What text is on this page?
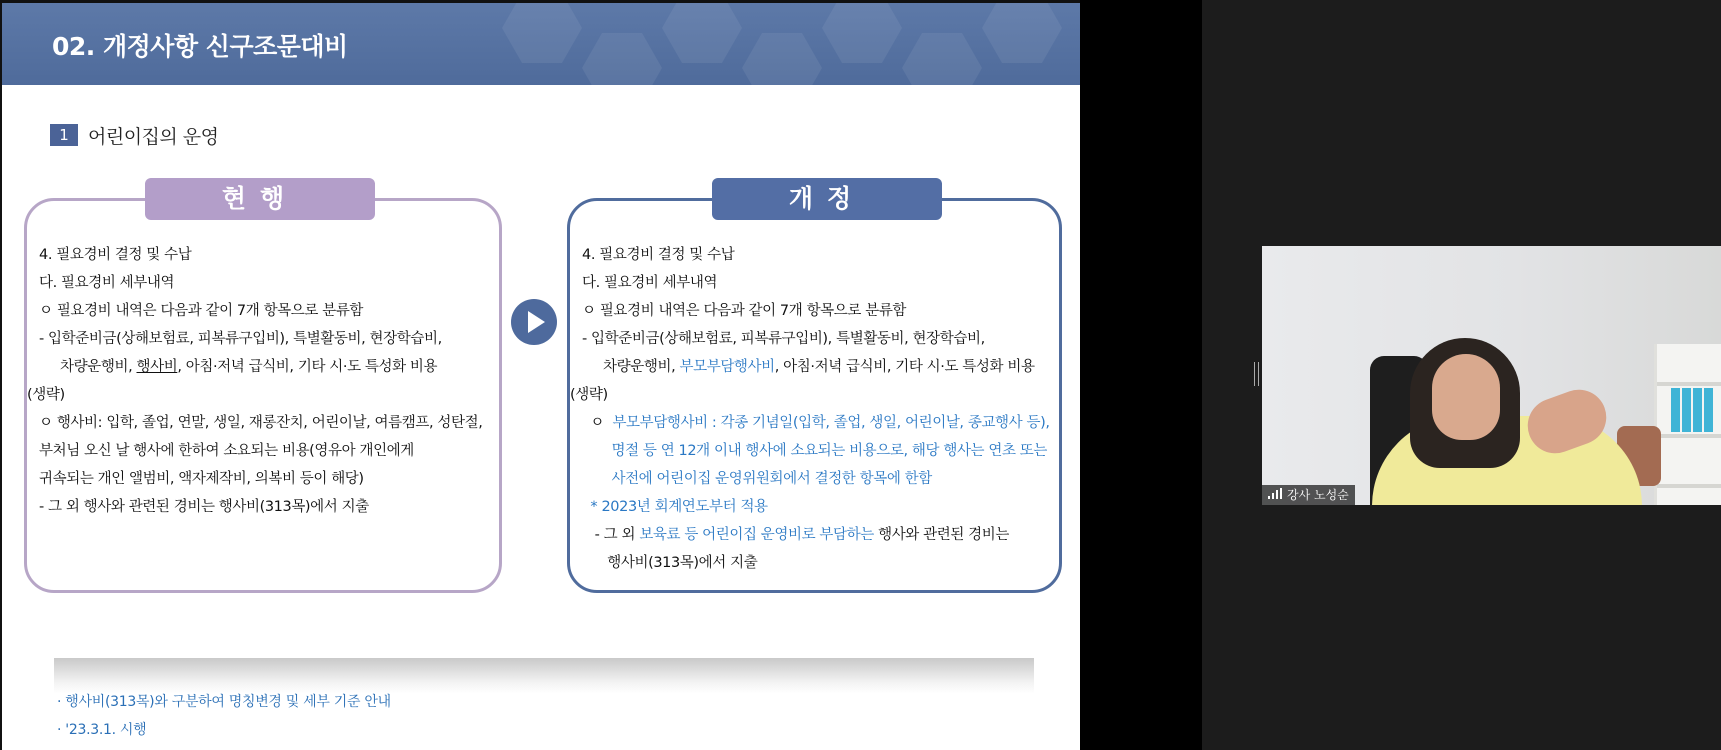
02. 개정사항 신구조문대비
1	어린이집의 운영
현행
4. 필요경비 결정 및 수납
다. 필요경비 세부내역
ㅇ 필요경비 내역은 다음과 같이 7개 항목으로 분류함
- 입학준비금(상해보험료, 피복류구입비), 특별활동비, 현장학습비,
차량운행비, 행사비, 아침·저녁 급식비, 기타 시·도 특성화 비용
(생략)
ㅇ 행사비: 입학, 졸업, 연말, 생일, 재롱잔치, 어린이날, 여름캠프, 성탄절,
부처님 오신 날 행사에 한하여 소요되는 비용(영유아 개인에게
귀속되는 개인 앨범비, 액자제작비, 의복비 등이 해당)
- 그 외 행사와 관련된 경비는 행사비(313목)에서 지출
개정
4. 필요경비 결정 및 수납
다. 필요경비 세부내역
ㅇ 필요경비 내역은 다음과 같이 7개 항목으로 분류함
- 입학준비금(상해보험료, 피복류구입비), 특별활동비, 현장학습비,
차량운행비, 부모부담행사비, 아침·저녁 급식비, 기타 시·도 특성화 비용
(생략)
ㅇ  부모부담행사비 : 각종 기념일(입학, 졸업, 생일, 어린이날, 종교행사 등),
명절 등 연 12개 이내 행사에 소요되는 비용으로, 해당 행사는 연초 또는
사전에 어린이집 운영위원회에서 결정한 항목에 한함
* 2023년 회계연도부터 적용
- 그 외 보육료 등 어린이집 운영비로 부담하는 행사와 관련된 경비는
행사비(313목)에서 지출
· 행사비(313목)와 구분하여 명칭변경 및 세부 기준 안내
· '23.3.1. 시행
강사 노성순
